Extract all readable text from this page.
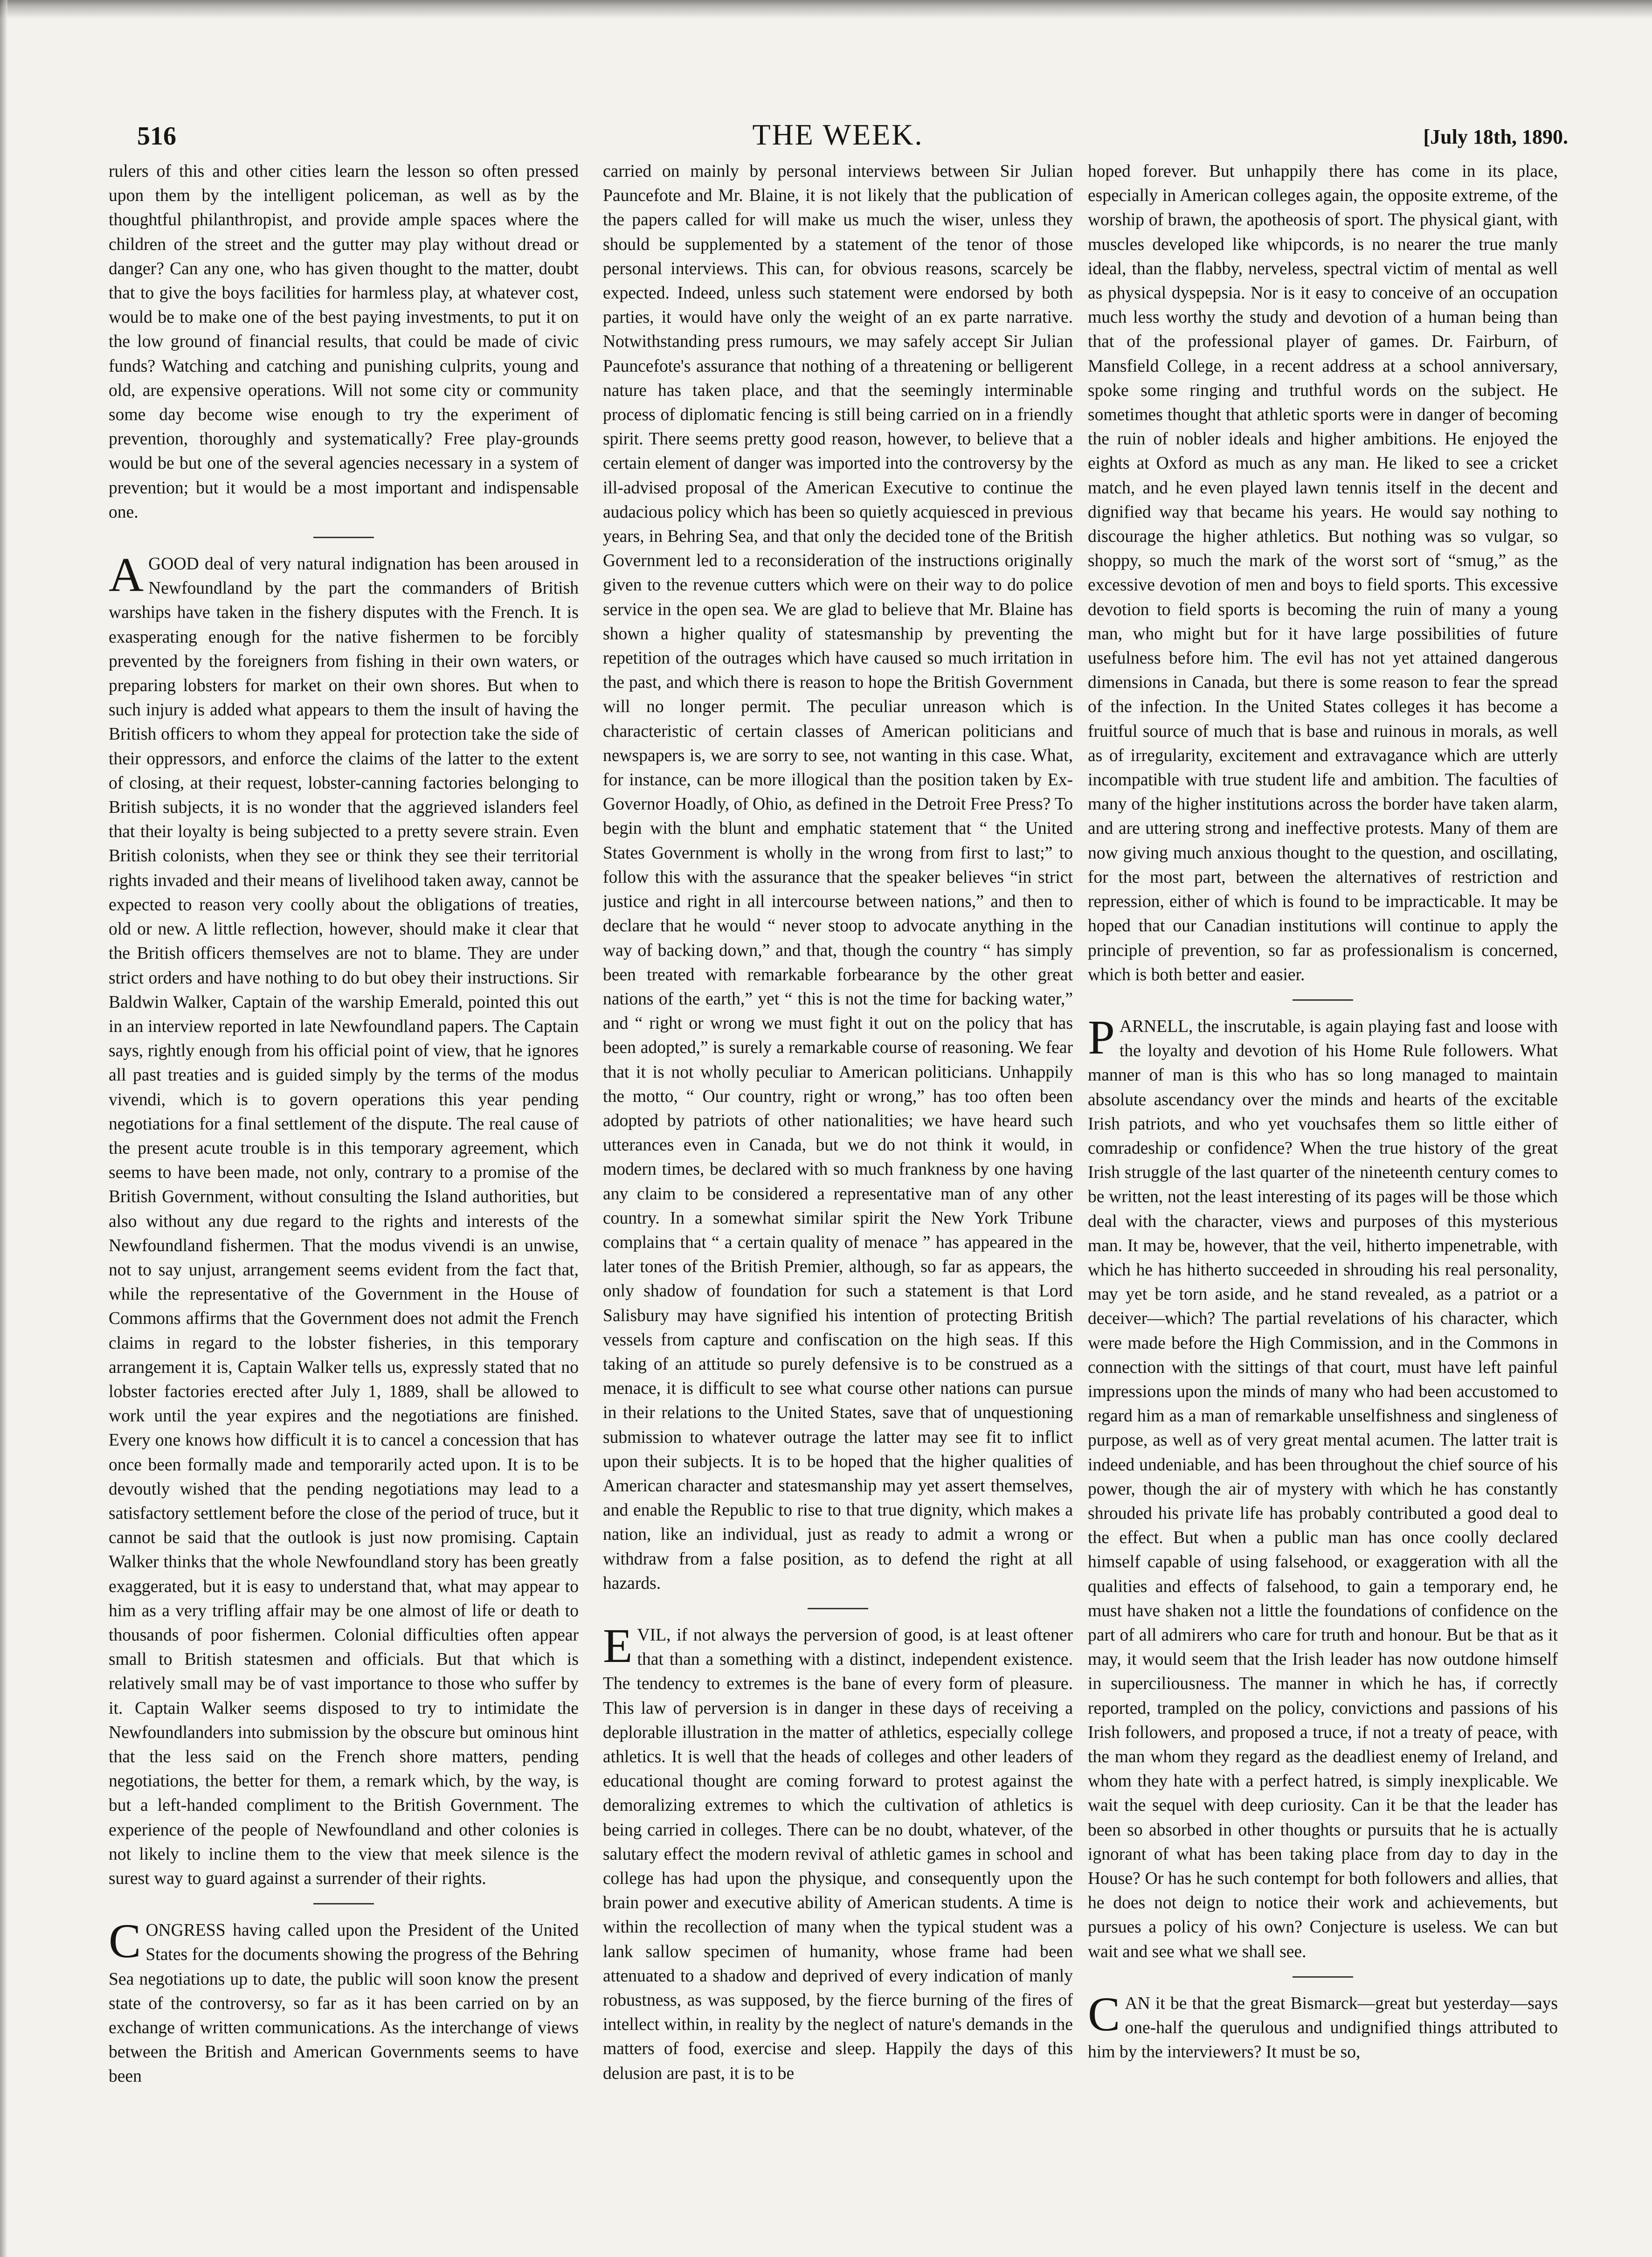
516	THE WEEK.	[July 18th, 1890.

rulers of this and other cities learn the lesson so often pressed upon them by the intelligent policeman, as well as by the thoughtful philanthropist, and provide ample spaces where the children of the street and the gutter may play without dread or danger? Can any one, who has given thought to the matter, doubt that to give the boys facilities for harmless play, at whatever cost, would be to make one of the best paying investments, to put it on the low ground of financial results, that could be made of civic funds? Watching and catching and punishing culprits, young and old, are expensive operations. Will not some city or community some day become wise enough to try the experiment of prevention, thoroughly and systematically? Free play-grounds would be but one of the several agencies necessary in a system of prevention; but it would be a most important and indispensable one.

A GOOD deal of very natural indignation has been aroused in Newfoundland by the part the commanders of British warships have taken in the fishery disputes with the French. It is exasperating enough for the native fishermen to be forcibly prevented by the foreigners from fishing in their own waters, or preparing lobsters for market on their own shores. But when to such injury is added what appears to them the insult of having the British officers to whom they appeal for protection take the side of their oppressors, and enforce the claims of the latter to the extent of closing, at their request, lobster-canning factories belonging to British subjects, it is no wonder that the aggrieved islanders feel that their loyalty is being subjected to a pretty severe strain. Even British colonists, when they see or think they see their territorial rights invaded and their means of livelihood taken away, cannot be expected to reason very coolly about the obligations of treaties, old or new. A little reflection, however, should make it clear that the British officers themselves are not to blame. They are under strict orders and have nothing to do but obey their instructions. Sir Baldwin Walker, Captain of the warship Emerald, pointed this out in an interview reported in late Newfoundland papers. The Captain says, rightly enough from his official point of view, that he ignores all past treaties and is guided simply by the terms of the modus vivendi, which is to govern operations this year pending negotiations for a final settlement of the dispute. The real cause of the present acute trouble is in this temporary agreement, which seems to have been made, not only, contrary to a promise of the British Government, without consulting the Island authorities, but also without any due regard to the rights and interests of the Newfoundland fishermen. That the modus vivendi is an unwise, not to say unjust, arrangement seems evident from the fact that, while the representative of the Government in the House of Commons affirms that the Government does not admit the French claims in regard to the lobster fisheries, in this temporary arrangement it is, Captain Walker tells us, expressly stated that no lobster factories erected after July 1, 1889, shall be allowed to work until the year expires and the negotiations are finished. Every one knows how difficult it is to cancel a concession that has once been formally made and temporarily acted upon. It is to be devoutly wished that the pending negotiations may lead to a satisfactory settlement before the close of the period of truce, but it cannot be said that the outlook is just now promising. Captain Walker thinks that the whole Newfoundland story has been greatly exaggerated, but it is easy to understand that, what may appear to him as a very trifling affair may be one almost of life or death to thousands of poor fishermen. Colonial difficulties often appear small to British statesmen and officials. But that which is relatively small may be of vast importance to those who suffer by it. Captain Walker seems disposed to try to intimidate the Newfoundlanders into submission by the obscure but ominous hint that the less said on the French shore matters, pending negotiations, the better for them, a remark which, by the way, is but a left-handed compliment to the British Government. The experience of the people of Newfoundland and other colonies is not likely to incline them to the view that meek silence is the surest way to guard against a surrender of their rights.

CONGRESS having called upon the President of the United States for the documents showing the progress of the Behring Sea negotiations up to date, the public will soon know the present state of the controversy, so far as it has been carried on by an exchange of written communications. As the interchange of views between the British and American Governments seems to have been

carried on mainly by personal interviews between Sir Julian Pauncefote and Mr. Blaine, it is not likely that the publication of the papers called for will make us much the wiser, unless they should be supplemented by a statement of the tenor of those personal interviews. This can, for obvious reasons, scarcely be expected. Indeed, unless such statement were endorsed by both parties, it would have only the weight of an ex parte narrative. Notwithstanding press rumours, we may safely accept Sir Julian Pauncefote's assurance that nothing of a threatening or belligerent nature has taken place, and that the seemingly interminable process of diplomatic fencing is still being carried on in a friendly spirit. There seems pretty good reason, however, to believe that a certain element of danger was imported into the controversy by the ill-advised proposal of the American Executive to continue the audacious policy which has been so quietly acquiesced in previous years, in Behring Sea, and that only the decided tone of the British Government led to a reconsideration of the instructions originally given to the revenue cutters which were on their way to do police service in the open sea. We are glad to believe that Mr. Blaine has shown a higher quality of statesmanship by preventing the repetition of the outrages which have caused so much irritation in the past, and which there is reason to hope the British Government will no longer permit. The peculiar unreason which is characteristic of certain classes of American politicians and newspapers is, we are sorry to see, not wanting in this case. What, for instance, can be more illogical than the position taken by Ex-Governor Hoadly, of Ohio, as defined in the Detroit Free Press? To begin with the blunt and emphatic statement that “ the United States Government is wholly in the wrong from first to last;” to follow this with the assurance that the speaker believes “in strict justice and right in all intercourse between nations,” and then to declare that he would “ never stoop to advocate anything in the way of backing down,” and that, though the country “ has simply been treated with remarkable forbearance by the other great nations of the earth,” yet “ this is not the time for backing water,” and “ right or wrong we must fight it out on the policy that has been adopted,” is surely a remarkable course of reasoning. We fear that it is not wholly peculiar to American politicians. Unhappily the motto, “ Our country, right or wrong,” has too often been adopted by patriots of other nationalities; we have heard such utterances even in Canada, but we do not think it would, in modern times, be declared with so much frankness by one having any claim to be considered a representative man of any other country. In a somewhat similar spirit the New York Tribune complains that “ a certain quality of menace ” has appeared in the later tones of the British Premier, although, so far as appears, the only shadow of foundation for such a statement is that Lord Salisbury may have signified his intention of protecting British vessels from capture and confiscation on the high seas. If this taking of an attitude so purely defensive is to be construed as a menace, it is difficult to see what course other nations can pursue in their relations to the United States, save that of unquestioning submission to whatever outrage the latter may see fit to inflict upon their subjects. It is to be hoped that the higher qualities of American character and statesmanship may yet assert themselves, and enable the Republic to rise to that true dignity, which makes a nation, like an individual, just as ready to admit a wrong or withdraw from a false position, as to defend the right at all hazards.

EVIL, if not always the perversion of good, is at least oftener that than a something with a distinct, independent existence. The tendency to extremes is the bane of every form of pleasure. This law of perversion is in danger in these days of receiving a deplorable illustration in the matter of athletics, especially college athletics. It is well that the heads of colleges and other leaders of educational thought are coming forward to protest against the demoralizing extremes to which the cultivation of athletics is being carried in colleges. There can be no doubt, whatever, of the salutary effect the modern revival of athletic games in school and college has had upon the physique, and consequently upon the brain power and executive ability of American students. A time is within the recollection of many when the typical student was a lank sallow specimen of humanity, whose frame had been attenuated to a shadow and deprived of every indication of manly robustness, as was supposed, by the fierce burning of the fires of intellect within, in reality by the neglect of nature's demands in the matters of food, exercise and sleep. Happily the days of this delusion are past, it is to be

hoped forever. But unhappily there has come in its place, especially in American colleges again, the opposite extreme, of the worship of brawn, the apotheosis of sport. The physical giant, with muscles developed like whipcords, is no nearer the true manly ideal, than the flabby, nerveless, spectral victim of mental as well as physical dyspepsia. Nor is it easy to conceive of an occupation much less worthy the study and devotion of a human being than that of the professional player of games. Dr. Fairburn, of Mansfield College, in a recent address at a school anniversary, spoke some ringing and truthful words on the subject. He sometimes thought that athletic sports were in danger of becoming the ruin of nobler ideals and higher ambitions. He enjoyed the eights at Oxford as much as any man. He liked to see a cricket match, and he even played lawn tennis itself in the decent and dignified way that became his years. He would say nothing to discourage the higher athletics. But nothing was so vulgar, so shoppy, so much the mark of the worst sort of “smug,” as the excessive devotion of men and boys to field sports. This excessive devotion to field sports is becoming the ruin of many a young man, who might but for it have large possibilities of future usefulness before him. The evil has not yet attained dangerous dimensions in Canada, but there is some reason to fear the spread of the infection. In the United States colleges it has become a fruitful source of much that is base and ruinous in morals, as well as of irregularity, excitement and extravagance which are utterly incompatible with true student life and ambition. The faculties of many of the higher institutions across the border have taken alarm, and are uttering strong and ineffective protests. Many of them are now giving much anxious thought to the question, and oscillating, for the most part, between the alternatives of restriction and repression, either of which is found to be impracticable. It may be hoped that our Canadian institutions will continue to apply the principle of prevention, so far as professionalism is concerned, which is both better and easier.

PARNELL, the inscrutable, is again playing fast and loose with the loyalty and devotion of his Home Rule followers. What manner of man is this who has so long managed to maintain absolute ascendancy over the minds and hearts of the excitable Irish patriots, and who yet vouchsafes them so little either of comradeship or confidence? When the true history of the great Irish struggle of the last quarter of the nineteenth century comes to be written, not the least interesting of its pages will be those which deal with the character, views and purposes of this mysterious man. It may be, however, that the veil, hitherto impenetrable, with which he has hitherto succeeded in shrouding his real personality, may yet be torn aside, and he stand revealed, as a patriot or a deceiver—which? The partial revelations of his character, which were made before the High Commission, and in the Commons in connection with the sittings of that court, must have left painful impressions upon the minds of many who had been accustomed to regard him as a man of remarkable unselfishness and singleness of purpose, as well as of very great mental acumen. The latter trait is indeed undeniable, and has been throughout the chief source of his power, though the air of mystery with which he has constantly shrouded his private life has probably contributed a good deal to the effect. But when a public man has once coolly declared himself capable of using falsehood, or exaggeration with all the qualities and effects of falsehood, to gain a temporary end, he must have shaken not a little the foundations of confidence on the part of all admirers who care for truth and honour. But be that as it may, it would seem that the Irish leader has now outdone himself in superciliousness. The manner in which he has, if correctly reported, trampled on the policy, convictions and passions of his Irish followers, and proposed a truce, if not a treaty of peace, with the man whom they regard as the deadliest enemy of Ireland, and whom they hate with a perfect hatred, is simply inexplicable. We wait the sequel with deep curiosity. Can it be that the leader has been so absorbed in other thoughts or pursuits that he is actually ignorant of what has been taking place from day to day in the House? Or has he such contempt for both followers and allies, that he does not deign to notice their work and achievements, but pursues a policy of his own? Conjecture is useless. We can but wait and see what we shall see.

CAN it be that the great Bismarck—great but yesterday—says one-half the querulous and undignified things attributed to him by the interviewers? It must be so,
